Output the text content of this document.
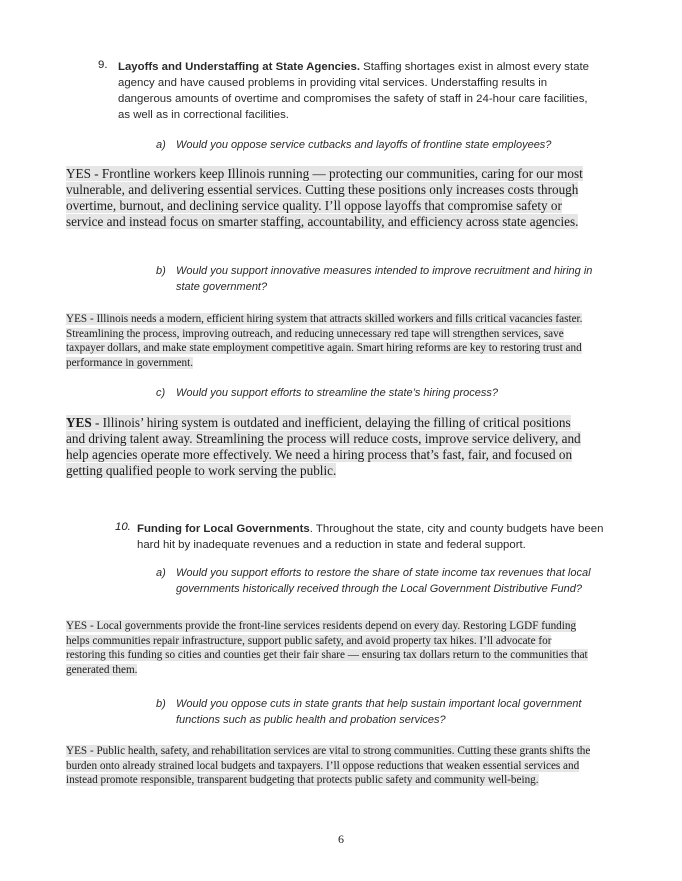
9. Layoffs and Understaffing at State Agencies. Staffing shortages exist in almost every state agency and have caused problems in providing vital services. Understaffing results in dangerous amounts of overtime and compromises the safety of staff in 24-hour care facilities, as well as in correctional facilities.

a) Would you oppose service cutbacks and layoffs of frontline state employees?
YES - Frontline workers keep Illinois running — protecting our communities, caring for our most vulnerable, and delivering essential services. Cutting these positions only increases costs through overtime, burnout, and declining service quality. I’ll oppose layoffs that compromise safety or service and instead focus on smarter staffing, accountability, and efficiency across state agencies.
b) Would you support innovative measures intended to improve recruitment and hiring in state government?
YES - Illinois needs a modern, efficient hiring system that attracts skilled workers and fills critical vacancies faster. Streamlining the process, improving outreach, and reducing unnecessary red tape will strengthen services, save taxpayer dollars, and make state employment competitive again. Smart hiring reforms are key to restoring trust and performance in government.
c) Would you support efforts to streamline the state’s hiring process?
YES - Illinois’ hiring system is outdated and inefficient, delaying the filling of critical positions and driving talent away. Streamlining the process will reduce costs, improve service delivery, and help agencies operate more effectively. We need a hiring process that’s fast, fair, and focused on getting qualified people to work serving the public.
10. Funding for Local Governments. Throughout the state, city and county budgets have been hard hit by inadequate revenues and a reduction in state and federal support.

a) Would you support efforts to restore the share of state income tax revenues that local governments historically received through the Local Government Distributive Fund?
YES - Local governments provide the front-line services residents depend on every day. Restoring LGDF funding helps communities repair infrastructure, support public safety, and avoid property tax hikes. I’ll advocate for restoring this funding so cities and counties get their fair share — ensuring tax dollars return to the communities that generated them.
b) Would you oppose cuts in state grants that help sustain important local government functions such as public health and probation services?
YES - Public health, safety, and rehabilitation services are vital to strong communities. Cutting these grants shifts the burden onto already strained local budgets and taxpayers. I’ll oppose reductions that weaken essential services and instead promote responsible, transparent budgeting that protects public safety and community well-being.
6
